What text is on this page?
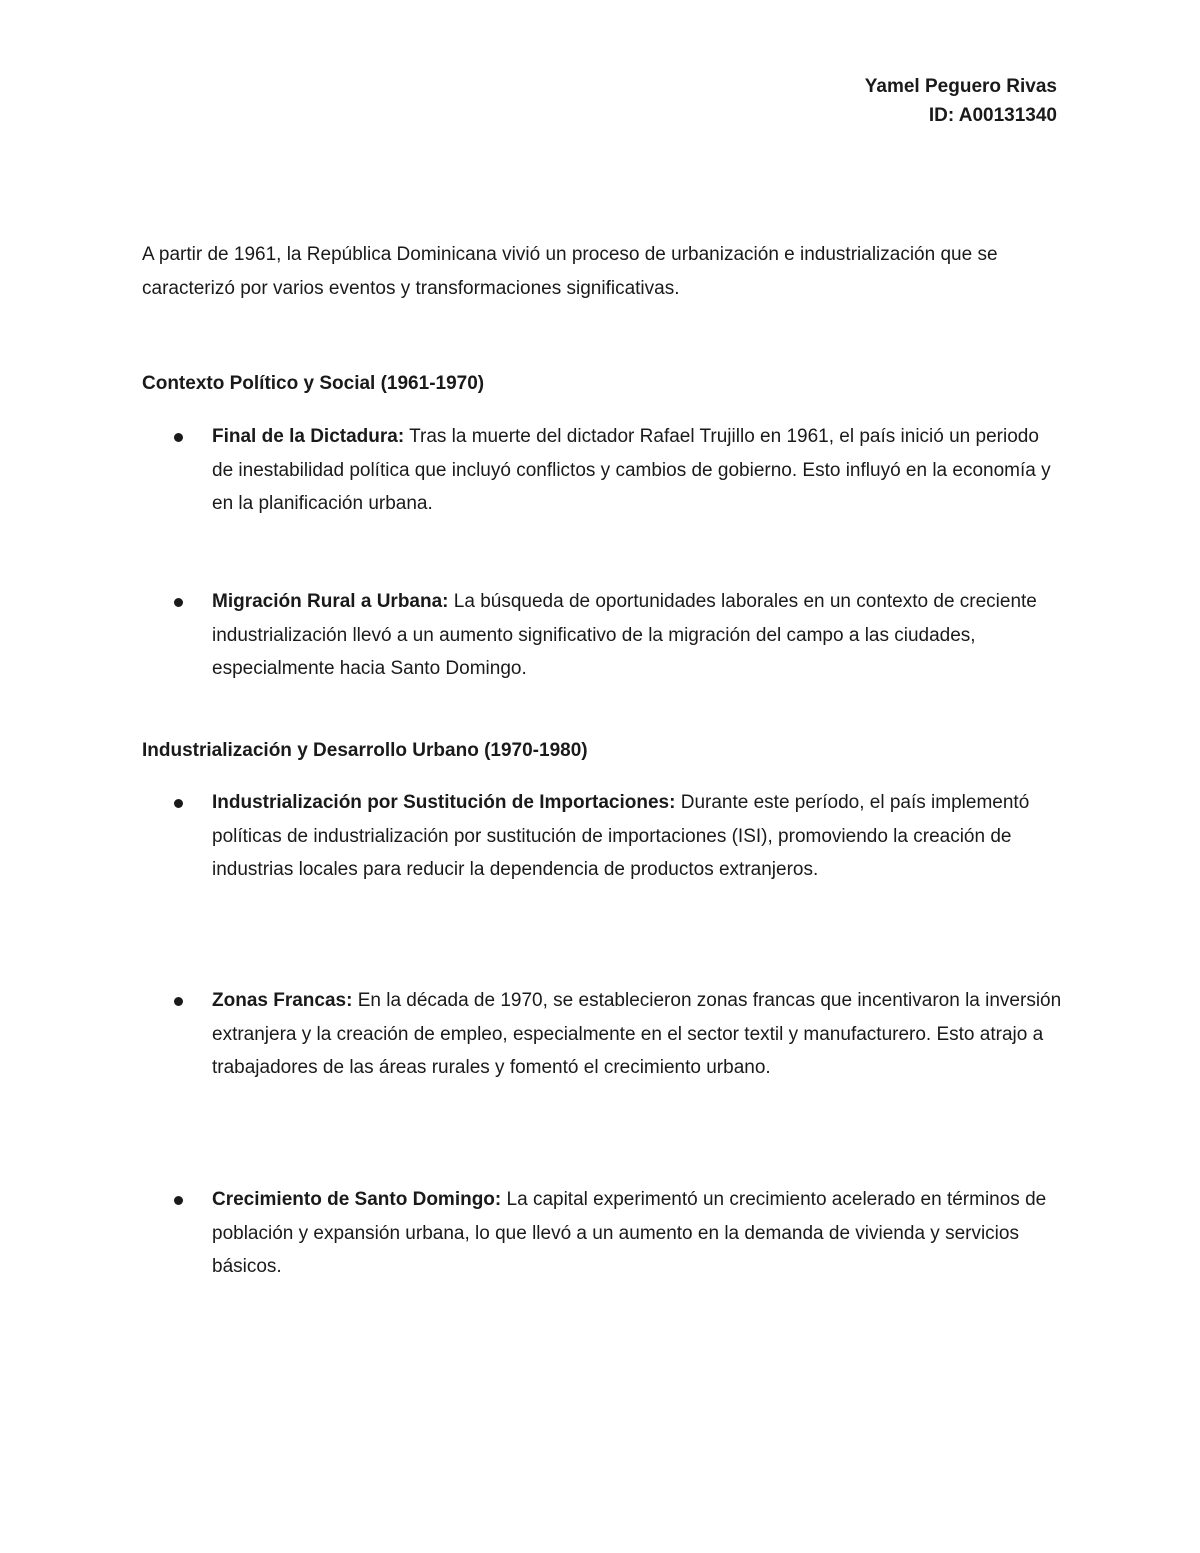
Yamel Peguero Rivas
ID: A00131340

A partir de 1961, la República Dominicana vivió un proceso de urbanización e industrialización que se caracterizó por varios eventos y transformaciones significativas.

Contexto Político y Social (1961-1970)

Final de la Dictadura: Tras la muerte del dictador Rafael Trujillo en 1961, el país inició un periodo de inestabilidad política que incluyó conflictos y cambios de gobierno. Esto influyó en la economía y en la planificación urbana.

Migración Rural a Urbana: La búsqueda de oportunidades laborales en un contexto de creciente industrialización llevó a un aumento significativo de la migración del campo a las ciudades, especialmente hacia Santo Domingo.

Industrialización y Desarrollo Urbano (1970-1980)

Industrialización por Sustitución de Importaciones: Durante este período, el país implementó políticas de industrialización por sustitución de importaciones (ISI), promoviendo la creación de industrias locales para reducir la dependencia de productos extranjeros.

Zonas Francas: En la década de 1970, se establecieron zonas francas que incentivaron la inversión extranjera y la creación de empleo, especialmente en el sector textil y manufacturero. Esto atrajo a trabajadores de las áreas rurales y fomentó el crecimiento urbano.

Crecimiento de Santo Domingo: La capital experimentó un crecimiento acelerado en términos de población y expansión urbana, lo que llevó a un aumento en la demanda de vivienda y servicios básicos.
